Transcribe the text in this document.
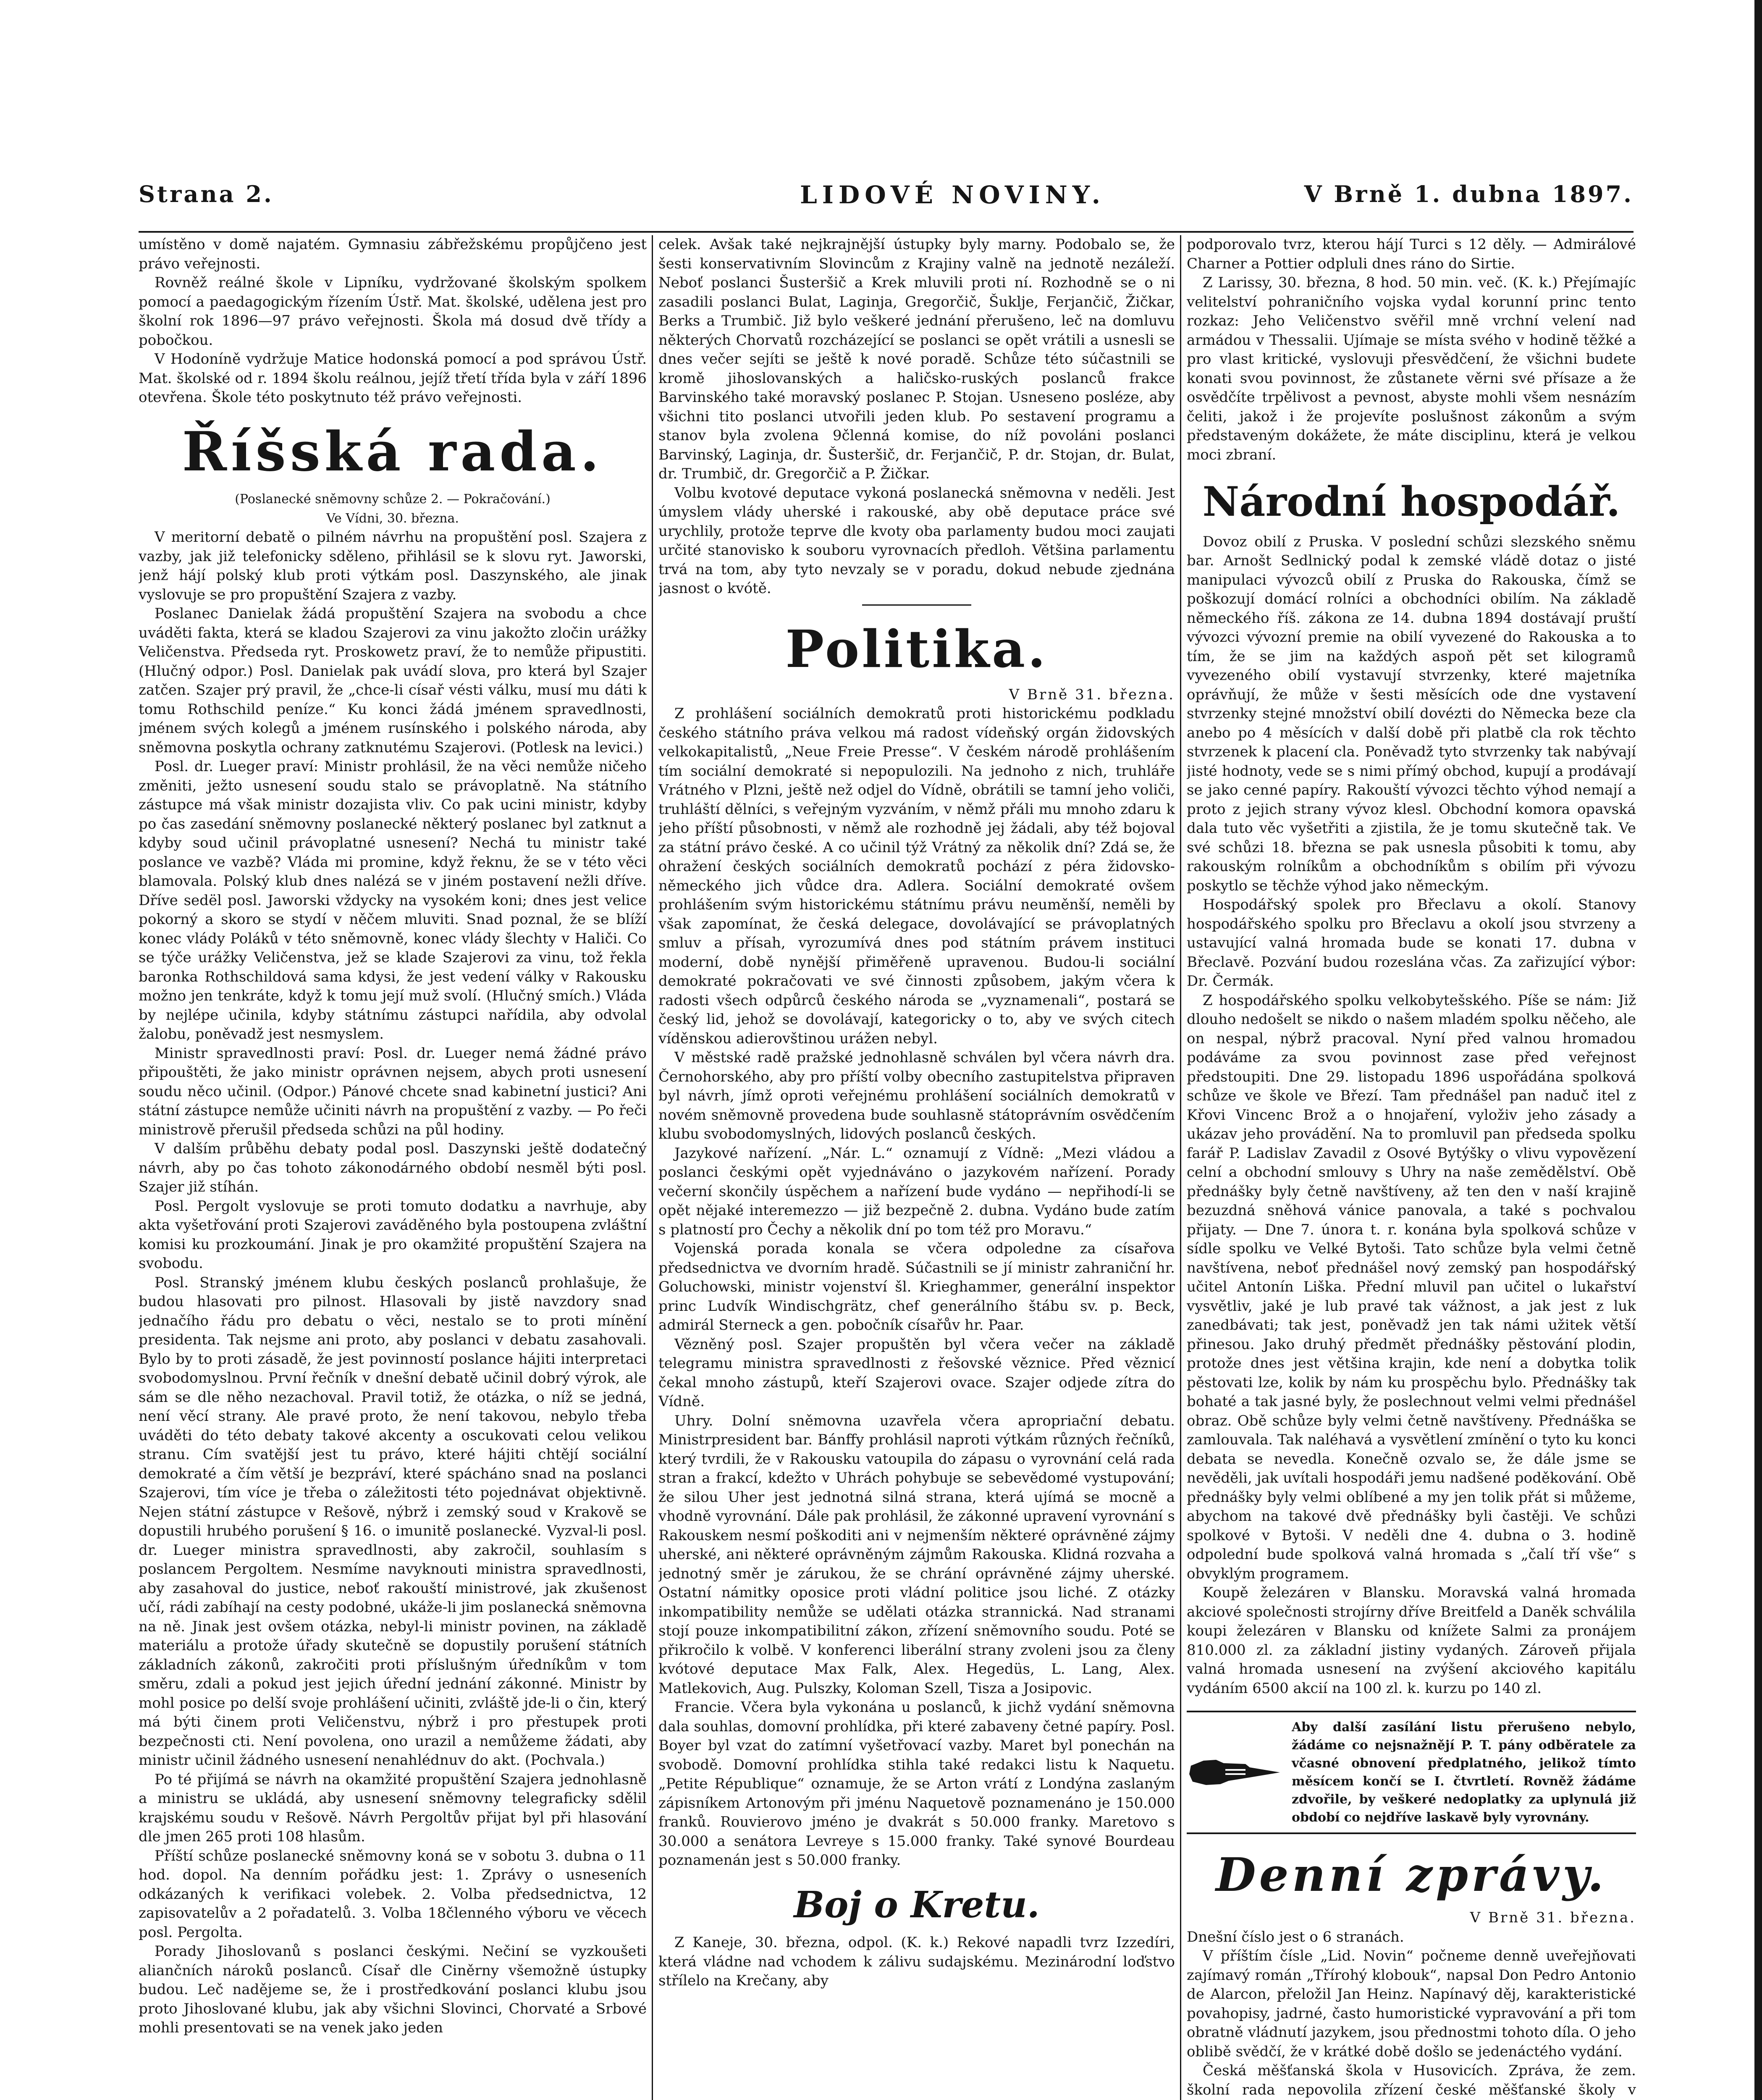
Strana 2.	LIDOVÉ NOVINY.	V Brně 1. dubna 1897.

umístěno v domě najatém. Gymnasiu zábřežskému propůjčeno jest právo veřejnosti.

Rovněž reálné škole v Lipníku, vydržované školským spolkem pomocí a paedagogickým řízením Ústř. Mat. školské, udělena jest pro školní rok 1896—97 právo veřejnosti. Škola má dosud dvě třídy a pobočkou.

V Hodoníně vydržuje Matice hodonská pomocí a pod správou Ústř. Mat. školské od r. 1894 školu reálnou, jejíž třetí třída byla v září 1896 otevřena. Škole této poskytnuto též právo veřejnosti.

Říšská rada.

(Poslanecké sněmovny schůze 2. — Pokračování.)

Ve Vídni, 30. března.

V meritorní debatě o pilném návrhu na propuštění posl. Szajera z vazby, jak již telefonicky sděleno, přihlásil se k slovu ryt. Jaworski, jenž hájí polský klub proti výtkám posl. Daszynského, ale jinak vyslovuje se pro propuštění Szajera z vazby.

Poslanec Danielak žádá propuštění Szajera na svobodu a chce uváděti fakta, která se kladou Szajerovi za vinu jakožto zločin urážky Veličenstva. Předseda ryt. Proskowetz praví, že to nemůže připustiti. (Hlučný odpor.) Posl. Danielak pak uvádí slova, pro která byl Szajer zatčen. Szajer prý pravil, že „chce-li císař vésti válku, musí mu dáti k tomu Rothschild peníze.“ Ku konci žádá jménem spravedlnosti, jménem svých kolegů a jménem rusínského i polského národa, aby sněmovna poskytla ochrany zatknutému Szajerovi. (Potlesk na levici.)

Posl. dr. Lueger praví: Ministr prohlásil, že na věci nemůže ničeho změniti, ježto usnesení soudu stalo se právoplatně. Na státního zástupce má však ministr dozajista vliv. Co pak ucini ministr, kdyby po čas zasedání sněmovny poslanecké některý poslanec byl zatknut a kdyby soud učinil právoplatné usnesení? Nechá tu ministr také poslance ve vazbě? Vláda mi promine, když řeknu, že se v této věci blamovala. Polský klub dnes nalézá se v jiném postavení nežli dříve. Dříve sedël posl. Jaworski vždycky na vysokém koni; dnes jest velice pokorný a skoro se stydí v něčem mluviti. Snad poznal, že se blíží konec vlády Poláků v této sněmovně, konec vlády šlechty v Haliči. Co se týče urážky Veličenstva, jež se klade Szajerovi za vinu, tož řekla baronka Rothschildová sama kdysi, že jest vedení války v Rakousku možno jen tenkráte, když k tomu její muž svolí. (Hlučný smích.) Vláda by nejlépe učinila, kdyby státnímu zástupci nařídila, aby odvolal žalobu, poněvadž jest nesmyslem.

Ministr spravedlnosti praví: Posl. dr. Lueger nemá žádné právo připouštěti, že jako ministr oprávnen nejsem, abych proti usnesení soudu něco učinil. (Odpor.) Pánové chcete snad kabinetní justici? Ani státní zástupce nemůže učiniti návrh na propuštění z vazby. — Po řeči ministrově přerušil předseda schůzi na půl hodiny.

V dalším průběhu debaty podal posl. Daszynski ještě dodatečný návrh, aby po čas tohoto zákonodárného období nesměl býti posl. Szajer již stíhán.

Posl. Pergolt vyslovuje se proti tomuto dodatku a navrhuje, aby akta vyšetřování proti Szajerovi zaváděného byla postoupena zvláštní komisi ku prozkoumání. Jinak je pro okamžité propuštění Szajera na svobodu.

Posl. Stranský jménem klubu českých poslanců prohlašuje, že budou hlasovati pro pilnost. Hlasovali by jistě navzdory snad jednačího řádu pro debatu o věci, nestalo se to proti mínění presidenta. Tak nejsme ani proto, aby poslanci v debatu zasahovali. Bylo by to proti zásadě, že jest povinností poslance hájiti interpretaci svobodomyslnou. První řečník v dnešní debatě učinil dobrý výrok, ale sám se dle něho nezachoval. Pravil totiž, že otázka, o níž se jedná, není věcí strany. Ale pravé proto, že není takovou, nebylo třeba uváděti do této debaty takové akcenty a oscukovati celou velikou stranu. Cím svatější jest tu právo, které hájiti chtějí sociální demokraté a čím větší je bezpráví, které spácháno snad na poslanci Szajerovi, tím více je třeba o záležitosti této pojednávat objektivně. Nejen státní zástupce v Rešově, nýbrž i zemský soud v Krakově se dopustili hrubého porušení § 16. o imunitě poslanecké. Vyzval-li posl. dr. Lueger ministra spravedlnosti, aby zakročil, souhlasím s poslancem Pergoltem. Nesmíme navyknouti ministra spravedlnosti, aby zasahoval do justice, neboť rakouští ministrové, jak zkušenost učí, rádi zabíhají na cesty podobné, ukáže-li jim poslanecká sněmovna na ně. Jinak jest ovšem otázka, nebyl-li ministr povinen, na základě materiálu a protože úřady skutečně se dopustily porušení státních základních zákonů, zakročiti proti příslušným úředníkům v tom směru, zdali a pokud jest jejich úřední jednání zákonné. Ministr by mohl posice po delší svoje prohlášení učiniti, zvláště jde-li o čin, který má býti činem proti Veličenstvu, nýbrž i pro přestupek proti bezpečnosti cti. Není povolena, ono urazil a nemůžeme žádati, aby ministr učinil žádného usnesení nenahlédnuv do akt. (Pochvala.)

Po té přijímá se návrh na okamžité propuštění Szajera jednohlasně a ministru se ukládá, aby usnesení sněmovny telegraficky sdělil krajskému soudu v Rešově. Návrh Pergoltův přijat byl při hlasování dle jmen 265 proti 108 hlasům.

Příští schůze poslanecké sněmovny koná se v sobotu 3. dubna o 11 hod. dopol. Na denním pořádku jest: 1. Zprávy o usneseních odkázaných k verifikaci volebek. 2. Volba předsednictva, 12 zapisovatelův a 2 pořadatelů. 3. Volba 18členného výboru ve věcech posl. Pergolta.

Porady Jihoslovanů s poslanci českými. Nečiní se vyzkoušeti aliančních nároků poslanců. Císař dle Ciněrny všemožně ústupky budou. Leč nadějeme se, že i prostředkování poslanci klubu jsou proto Jihoslované klubu, jak aby všichni Slovinci, Chorvaté a Srbové mohli presentovati se na venek jako jeden

celek. Avšak také nejkrajnější ústupky byly marny. Podobalo se, že šesti konservativním Slovincům z Krajiny valně na jednotě nezáleží. Neboť poslanci Šusteršič a Krek mluvili proti ní. Rozhodně se o ni zasadili poslanci Bulat, Laginja, Gregorčič, Šuklje, Ferjančič, Žičkar, Berks a Trumbič. Již bylo veškeré jednání přerušeno, leč na domluvu některých Chorvatů rozcházející se poslanci se opět vrátili a usnesli se dnes večer sejíti se ještě k nové poradě. Schůze této súčastnili se kromě jihoslovanských a haličsko-ruských poslanců frakce Barvinského také moravský poslanec P. Stojan. Usneseno posléze, aby všichni tito poslanci utvořili jeden klub. Po sestavení programu a stanov byla zvolena 9členná komise, do níž povoláni poslanci Barvinský, Laginja, dr. Šusteršič, dr. Ferjančič, P. dr. Stojan, dr. Bulat, dr. Trumbič, dr. Gregorčič a P. Žičkar.

Volbu kvotové deputace vykoná poslanecká sněmovna v neděli. Jest úmyslem vlády uherské i rakouské, aby obě deputace práce své urychlily, protože teprve dle kvoty oba parlamenty budou moci zaujati určité stanovisko k souboru vyrovnacích předloh. Většina parlamentu trvá na tom, aby tyto nevzaly se v poradu, dokud nebude zjednána jasnost o kvótě.

Politika.

V Brně 31. března.

Z prohlášení sociálních demokratů proti historickému podkladu českého státního práva velkou má radost vídeňský orgán židovských velkokapitalistů, „Neue Freie Presse“. V českém národě prohlášením tím sociální demokraté si nepopulozili. Na jednoho z nich, truhláře Vrátného v Plzni, ještě než odjel do Vídně, obrátili se tamní jeho voliči, truhláští dělníci, s veřejným vyzváním, v němž přáli mu mnoho zdaru k jeho příští působnosti, v němž ale rozhodně jej žádali, aby též bojoval za státní právo české. A co učinil týž Vrátný za několik dní? Zdá se, že ohražení českých sociálních demokratů pochází z péra židovsko-německého jich vůdce dra. Adlera. Sociální demokraté ovšem prohlášením svým historickému státnímu právu neuměnší, neměli by však zapomínat, že česká delegace, dovolávající se právoplatných smluv a přísah, vyrozumívá dnes pod státním právem instituci moderní, době nynější přiměřeně upravenou. Budou-li sociální demokraté pokračovati ve své činnosti způsobem, jakým včera k radosti všech odpůrců českého národa se „vyznamenali“, postará se český lid, jehož se dovolávají, kategoricky o to, aby ve svých citech víděnskou adierovštinou urážen nebyl.

V městské radě pražské jednohlasně schválen byl včera návrh dra. Černohorského, aby pro příští volby obecního zastupitelstva připraven byl návrh, jímž oproti veřejnému prohlášení sociálních demokratů v novém sněmovně provedena bude souhlasně státoprávním osvědčením klubu svobodomyslných, lidových poslanců českých.

Jazykové nařízení. „Nár. L.“ oznamují z Vídně: „Mezi vládou a poslanci českými opět vyjednáváno o jazykovém nařízení. Porady večerní skončily úspěchem a nařízení bude vydáno — nepřihodí-li se opět nějaké interemezzo — již bezpečně 2. dubna. Vydáno bude zatím s platností pro Čechy a několik dní po tom též pro Moravu.“

Vojenská porada konala se včera odpoledne za císařova předsednictva ve dvorním hradě. Súčastnili se jí ministr zahraniční hr. Goluchowski, ministr vojenství šl. Krieghammer, generální inspektor princ Ludvík Windischgrätz, chef generálního štábu sv. p. Beck, admirál Sterneck a gen. pobočník císařův hr. Paar.

Vězněný posl. Szajer propuštěn byl včera večer na základě telegramu ministra spravedlnosti z řešovské věznice. Před věznicí čekal mnoho zástupů, kteří Szajerovi ovace. Szajer odjede zítra do Vídně.

Uhry. Dolní sněmovna uzavřela včera apropriační debatu. Ministrpresident bar. Bánffy prohlásil naproti výtkám různých řečníků, který tvrdili, že v Rakousku vatoupila do zápasu o vyrovnání celá rada stran a frakcí, kdežto v Uhrách pohybuje se sebevědomé vystupování; že silou Uher jest jednotná silná strana, která ujímá se mocně a vhodně vyrovnání. Dále pak prohlásil, že zákonné upravení vyrovnání s Rakouskem nesmí poškoditi ani v nejmenším některé oprávněné zájmy uherské, ani některé oprávněným zájmům Rakouska. Klidná rozvaha a jednotný směr je zárukou, že se chrání oprávněné zájmy uherské. Ostatní námitky oposice proti vládní politice jsou liché. Z otázky inkompatibility nemůže se udělati otázka strannická. Nad stranami stojí pouze inkompatibilitní zákon, zřízení sněmovního soudu. Poté se přikročilo k volbě. V konferenci liberální strany zvoleni jsou za členy kvótové deputace Max Falk, Alex. Hegedüs, L. Lang, Alex. Matlekovich, Aug. Pulszky, Koloman Szell, Tisza a Josipovic.

Francie. Včera byla vykonána u poslanců, k jichž vydání sněmovna dala souhlas, domovní prohlídka, při které zabaveny četné papíry. Posl. Boyer byl vzat do zatímní vyšetřovací vazby. Maret byl ponechán na svobodě. Domovní prohlídka stihla také redakci listu k Naquetu. „Petite République“ oznamuje, že se Arton vrátí z Londýna zaslaným zápisníkem Artonovým při jménu Naquetově poznamenáno je 150.000 franků. Rouvierovo jméno je dvakrát s 50.000 franky. Maretovo s 30.000 a senátora Levreye s 15.000 franky. Také synové Bourdeau poznamenán jest s 50.000 franky.

Boj o Kretu.

Z Kaneje, 30. března, odpol. (K. k.) Rekové napadli tvrz Izzedíri, která vládne nad vchodem k zálivu sudajskému. Mezinárodní loďstvo střílelo na Krečany, aby

podporovalo tvrz, kterou hájí Turci s 12 děly. — Admirálové Charner a Pottier odpluli dnes ráno do Sirtie.

Z Larissy, 30. března, 8 hod. 50 min. več. (K. k.) Přejímajíc velitelství pohraničního vojska vydal korunní princ tento rozkaz: Jeho Veličenstvo svěřil mně vrchní velení nad armádou v Thessalii. Ujímaje se místa svého v hodině těžké a pro vlast kritické, vyslovuji přesvědčení, že všichni budete konati svou povinnost, že zůstanete věrni své přísaze a že osvědčíte trpělivost a pevnost, abyste mohli všem nesnázím čeliti, jakož i že projevíte poslušnost zákonům a svým představeným dokážete, že máte disciplinu, která je velkou moci zbraní.

Národní hospodář.

Dovoz obilí z Pruska. V poslední schůzi slezského sněmu bar. Arnošt Sedlnický podal k zemské vládě dotaz o jisté manipulaci vývozců obilí z Pruska do Rakouska, čímž se poškozují domácí rolníci a obchodníci obilím. Na základě německého říš. zákona ze 14. dubna 1894 dostávají pruští vývozci vývozní premie na obilí vyvezené do Rakouska a to tím, že se jim na každých aspoň pět set kilogramů vyvezeného obilí vystavují stvrzenky, které majetníka oprávňují, že může v šesti měsících ode dne vystavení stvrzenky stejné množství obilí dovézti do Německa beze cla anebo po 4 měsících v další době při platbě cla rok těchto stvrzenek k placení cla. Poněvadž tyto stvrzenky tak nabývají jisté hodnoty, vede se s nimi přímý obchod, kupují a prodávají se jako cenné papíry. Rakouští vývozci těchto výhod nemají a proto z jejich strany vývoz klesl. Obchodní komora opavská dala tuto věc vyšetřiti a zjistila, že je tomu skutečně tak. Ve své schůzi 18. března se pak usnesla působiti k tomu, aby rakouským rolníkům a obchodníkům s obilím při vývozu poskytlo se těchže výhod jako německým.

Hospodářský spolek pro Břeclavu a okolí. Stanovy hospodářského spolku pro Břeclavu a okolí jsou stvrzeny a ustavující valná hromada bude se konati 17. dubna v Břeclavě. Pozvání budou rozeslána včas. Za zařizující výbor: Dr. Čermák.

Z hospodářského spolku velkobytešského. Píše se nám: Již dlouho nedošelt se nikdo o našem mladém spolku něčeho, ale on nespal, nýbrž pracoval. Nyní před valnou hromadou podáváme za svou povinnost zase před veřejnost předstoupiti. Dne 29. listopadu 1896 uspořádána spolková schůze ve škole ve Březí. Tam přednášel pan naduč itel z Křovi Vincenc Brož a o hnojaření, vyloživ jeho zásady a ukázav jeho provádění. Na to promluvil pan předseda spolku farář P. Ladislav Zavadil z Osové Bytýšky o vlivu vypovězení celní a obchodní smlouvy s Uhry na naše zemědělství. Obě přednášky byly četně navštíveny, až ten den v naší krajině bezuzdná sněhová vánice panovala, a také s pochvalou přijaty. — Dne 7. února t. r. konána byla spolková schůze v sídle spolku ve Velké Bytoši. Tato schůze byla velmi četně navštívena, neboť přednášel nový zemský pan hospodářský učitel Antonín Liška. Přední mluvil pan učitel o lukařství vysvětliv, jaké je lub pravé tak vážnost, a jak jest z luk zanedbávati; tak jest, poněvadž jen tak námi užitek větší přinesou. Jako druhý předmět přednášky pěstování plodin, protože dnes jest většina krajin, kde není a dobytka tolik pěstovati lze, kolik by nám ku prospěchu bylo. Přednášky tak bohaté a tak jasné byly, že poslechnout velmi velmi přednášel obraz. Obě schůze byly velmi četně navštíveny. Přednáška se zamlouvala. Tak naléhavá a vysvětlení zmínění o tyto ku konci debata se nevedla. Konečně ozvalo se, že dále jsme se nevěděli, jak uvítali hospodáři jemu nadšené poděkování. Obě přednášky byly velmi oblíbené a my jen tolik přát si můžeme, abychom na takové dvě přednášky byli častěji. Ve schůzi spolkové v Bytoši. V neděli dne 4. dubna o 3. hodině odpolední bude spolková valná hromada s „čalí tří vše“ s obvyklým programem.

Koupě železáren v Blansku. Moravská valná hromada akciové společnosti strojírny dříve Breitfeld a Daněk schválila koupi železáren v Blansku od knížete Salmi za pronájem 810.000 zl. za základní jistiny vydaných. Zároveň přijala valná hromada usnesení na zvýšení akciového kapitálu vydáním 6500 akcií na 100 zl. k. kurzu po 140 zl.

Aby další zasílání listu přerušeno nebylo, žádáme co nejsnažnějí P. T. pány odběratele za včasné obnovení předplatného, jelikož tímto měsícem končí se I. čtvrtletí. Rovněž žádáme zdvořile, by veškeré nedoplatky za uplynulá již období co nejdříve laskavě byly vyrovnány.
Denní zprávy.

V Brně 31. března.

Dnešní číslo jest o 6 stranách.

V příštím čísle „Lid. Novin“ počneme denně uveřejňovati zajímavý román „Třírohý klobouk“, napsal Don Pedro Antonio de Alarcon, přeložil Jan Heinz. Napínavý děj, karakteristické povahopisy, jadrné, často humoristické vypravování a při tom obratně vládnutí jazykem, jsou přednostmi tohoto díla. O jeho oblibě svědčí, že v krátké době došlo se jedenáctého vydání.

Česká měšťanská škola v Husovicích. Zpráva, že zem. školní rada nepovolila zřízení české měšťanské školy v
